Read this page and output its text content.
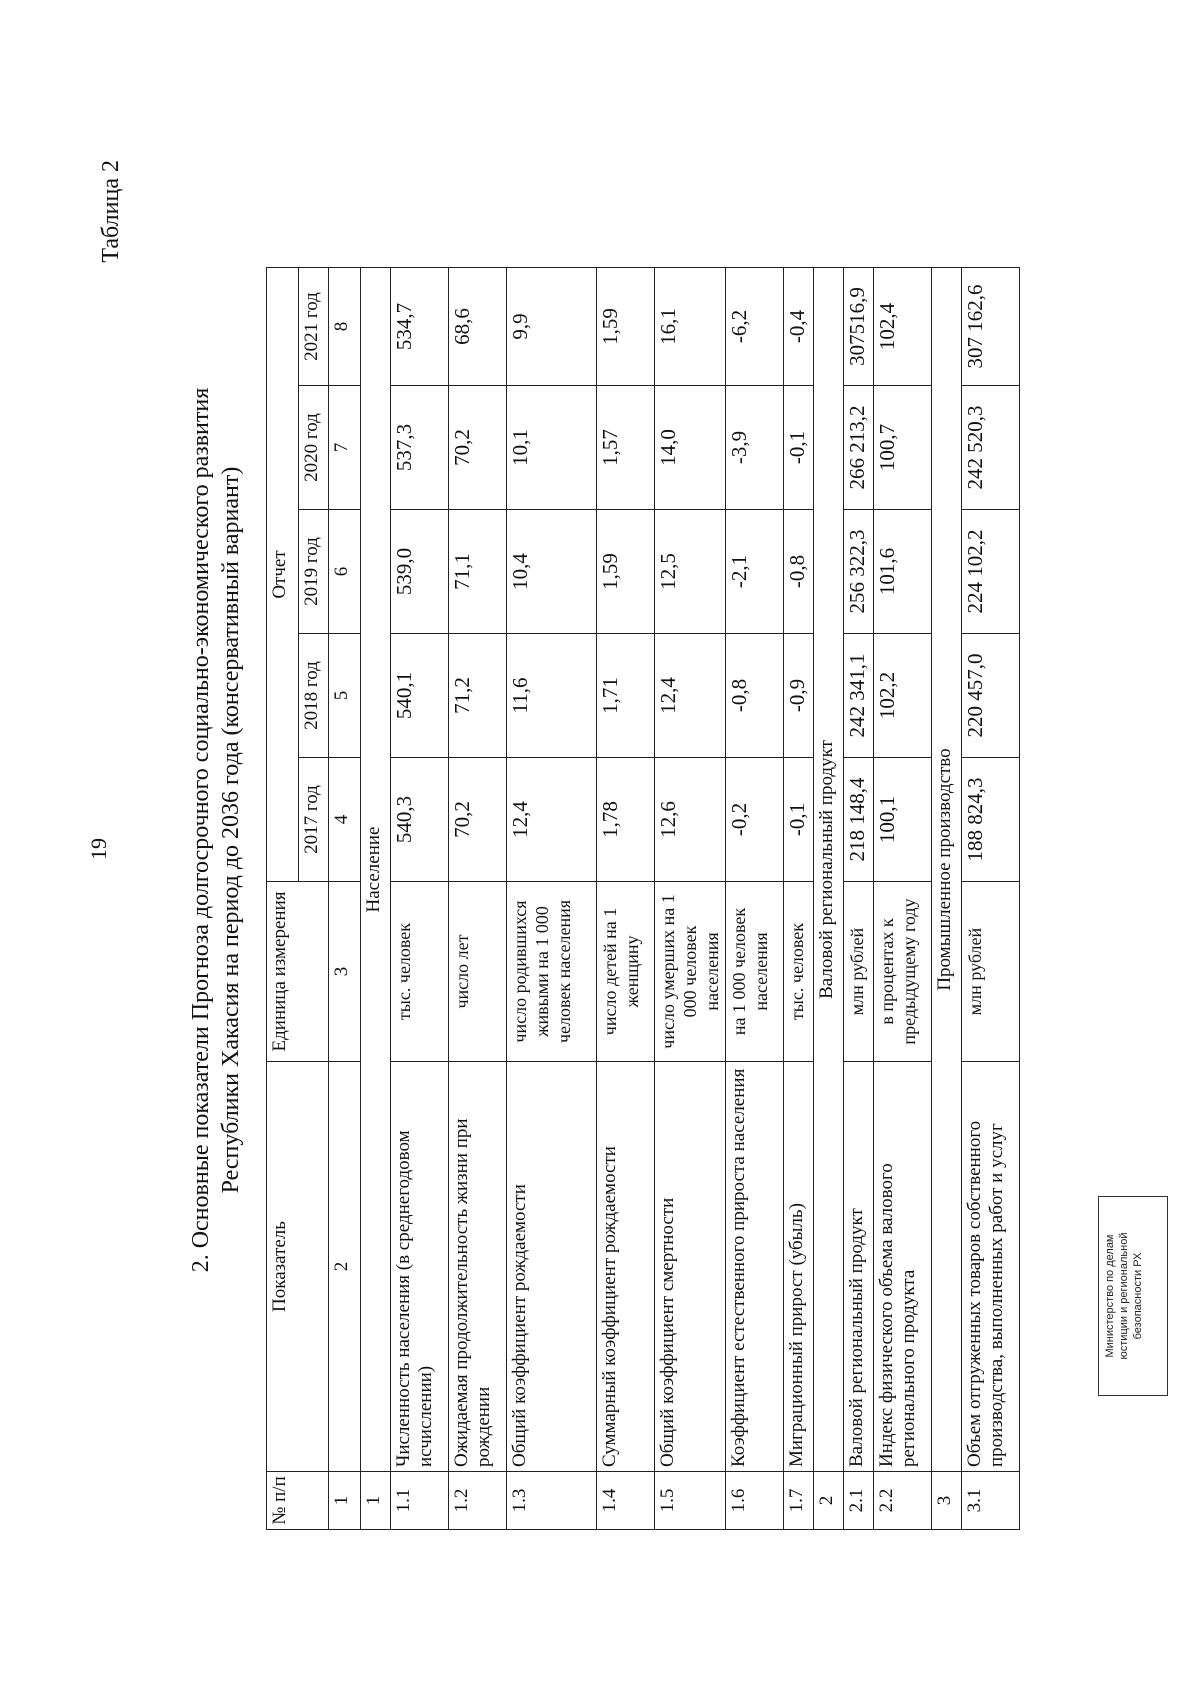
19
Таблица 2
2. Основные показатели Прогноза долгосрочного социально-экономического развития Республики Хакасия на период до 2036 года (консервативный вариант)
№ п/п	Показатель	Единица измерения	Отчет				
			2017 год	2018 год	2019 год	2020 год	2021 год
1	2	3	4	5	6	7	8
1	Население						
1.1	Численность населения (в среднегодовом исчислении)	тыс. человек	540,3	540,1	539,0	537,3	534,7
1.2	Ожидаемая продолжительность жизни при рождении	число лет	70,2	71,2	71,1	70,2	68,6
1.3	Общий коэффициент рождаемости	число родившихся живыми на 1 000 человек населения	12,4	11,6	10,4	10,1	9,9
1.4	Суммарный коэффициент рождаемости	число детей на 1 женщину	1,78	1,71	1,59	1,57	1,59
1.5	Общий коэффициент смертности	число умерших на 1 000 человек населения	12,6	12,4	12,5	14,0	16,1
1.6	Коэффициент естественного прироста населения	на 1 000 человек населения	-0,2	-0,8	-2,1	-3,9	-6,2
1.7	Миграционный прирост (убыль)	тыс. человек	-0,1	-0,9	-0,8	-0,1	-0,4
2	Валовой региональный продукт						
2.1	Валовой региональный продукт	млн рублей	218 148,4	242 341,1	256 322,3	266 213,2	307516,9
2.2	Индекс физического объема валового регионального продукта	в процентах к предыдущему году	100,1	102,2	101,6	100,7	102,4
3	Промышленное производство						
3.1	Объем отгруженных товаров собственного производства, выполненных работ и услуг	млн рублей	188 824,3	220 457,0	224 102,2	242 520,3	307 162,6
Министерство по делам юстиции и региональной безопасности РХ
